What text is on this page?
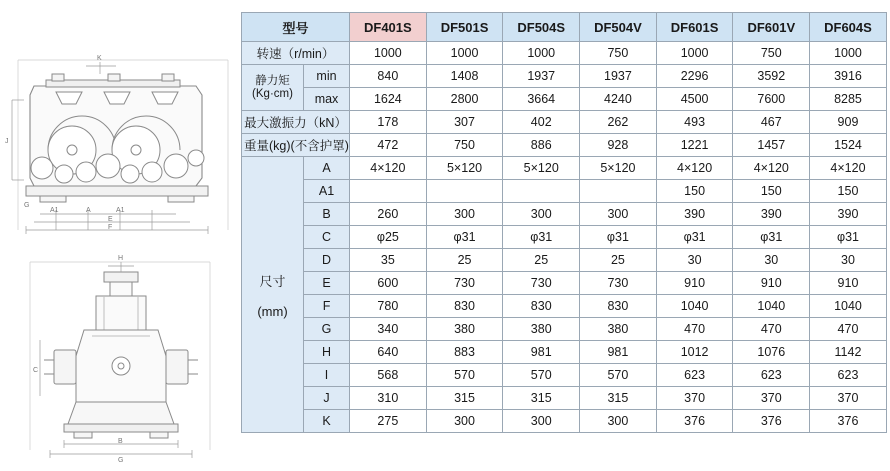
K
J
A1	A	A1
E
F
G
H
C
B
G
型号		DF401S	DF501S	DF504S	DF504V	DF601S	DF601V	DF604S
转速（r/min）		1000	1000	1000	750	1000	750	1000

静力矩
(Kg·cm)	min	840	1408	1937	1937	2296	3592	3916
	max	1624	2800	3664	4240	4500	7600	8285
最大激振力（kN）		178	307	402	262	493	467	909
重量(kg)(不含护罩)		472	750	886	928	1221	1457	1524

尺寸
(mm)	A	4×120	5×120	5×120	5×120	4×120	4×120	4×120
	A1					150	150	150
	B	260	300	300	300	390	390	390
	C	φ25	φ31	φ31	φ31	φ31	φ31	φ31
	D	35	25	25	25	30	30	30
	E	600	730	730	730	910	910	910
	F	780	830	830	830	1040	1040	1040
	G	340	380	380	380	470	470	470
	H	640	883	981	981	1012	1076	1142
	I	568	570	570	570	623	623	623
	J	310	315	315	315	370	370	370
	K	275	300	300	300	376	376	376
